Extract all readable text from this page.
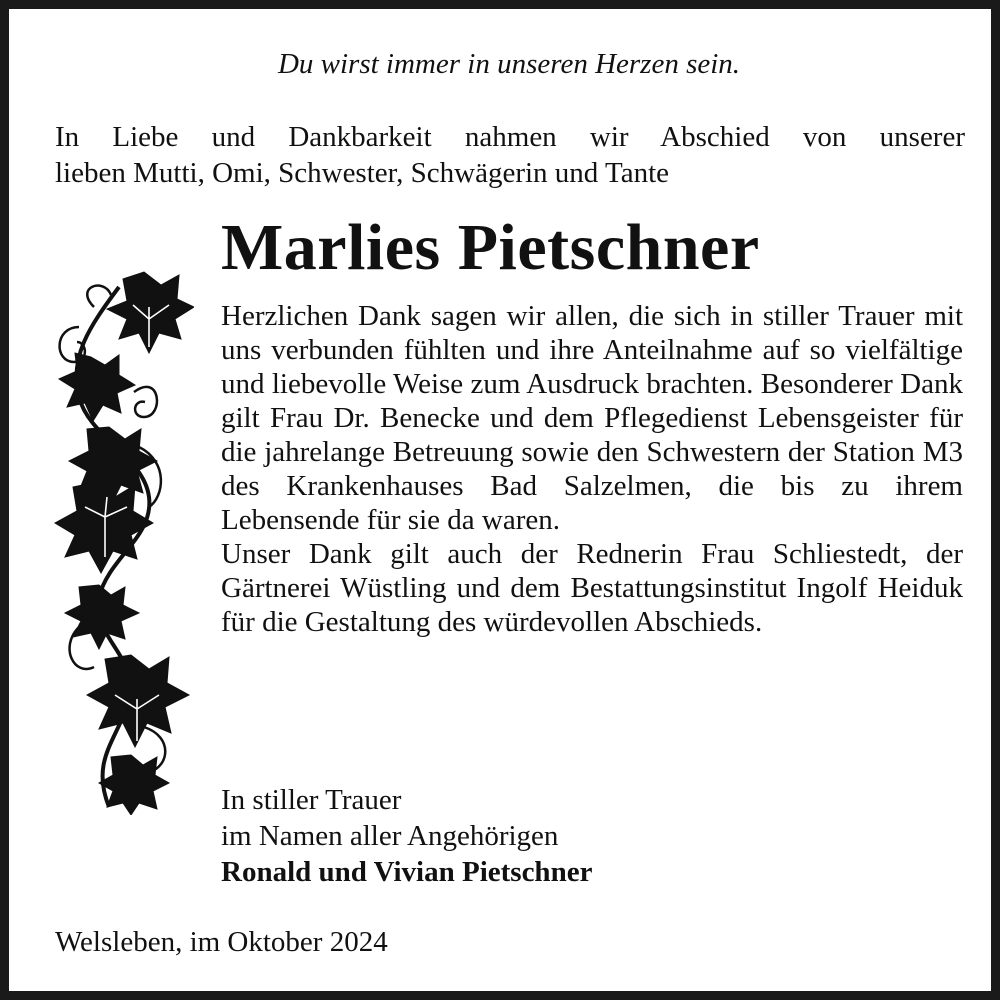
Du wirst immer in unseren Herzen sein.
In Liebe und Dankbarkeit nahmen wir Abschied von unserer
lieben Mutti, Omi, Schwester, Schwägerin und Tante
Marlies Pietschner

Herzlichen Dank sagen wir allen, die sich in stiller Trauer mit uns verbunden fühlten und ihre Anteilnahme auf so vielfältige und liebevolle Weise zum Ausdruck brachten. Besonderer Dank gilt Frau Dr. Benecke und dem Pflegedienst Lebensgeister für die jahrelange Betreuung sowie den Schwestern der Station M3 des Krankenhauses Bad Salzelmen, die bis zu ihrem Lebensende für sie da waren.

Unser Dank gilt auch der Rednerin Frau Schliestedt, der Gärtnerei Wüstling und dem Bestattungsinstitut Ingolf Heiduk für die Gestaltung des würdevollen Abschieds.

In stiller Trauer
im Namen aller Angehörigen
Ronald und Vivian Pietschner
Welsleben, im Oktober 2024
